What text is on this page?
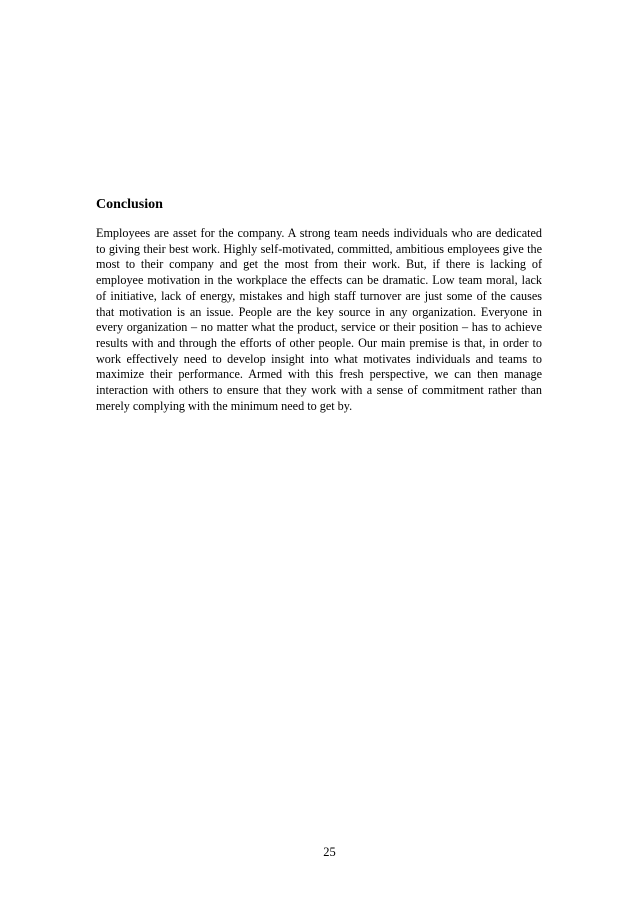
Conclusion

Employees are asset for the company. A strong team needs individuals who are dedicated to giving their best work. Highly self-motivated, committed, ambitious employees give the most to their company and get the most from their work. But, if there is lacking of employee motivation in the workplace the effects can be dramatic. Low team moral, lack of initiative, lack of energy, mistakes and high staff turnover are just some of the causes that motivation is an issue. People are the key source in any organization. Everyone in every organization – no matter what the product, service or their position – has to achieve results with and through the efforts of other people. Our main premise is that, in order to work effectively need to develop insight into what motivates individuals and teams to maximize their performance. Armed with this fresh perspective, we can then manage interaction with others to ensure that they work with a sense of commitment rather than merely complying with the minimum need to get by.

25
